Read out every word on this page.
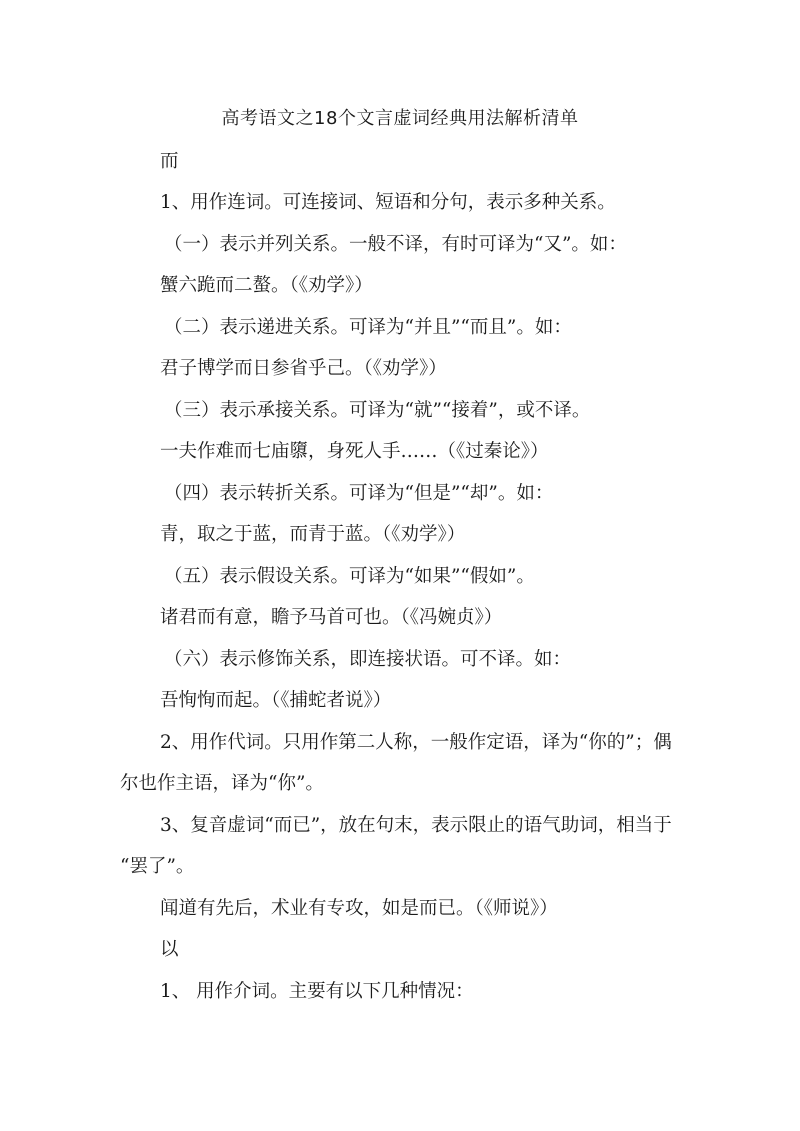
高考语文之18个文言虚词经典用法解析清单
而
1、用作连词。可连接词、短语和分句，表示多种关系。
（一）表示并列关系。一般不译，有时可译为“又”。如：
蟹六跪而二螯。（《劝学》）
（二）表示递进关系。可译为“并且”“而且”。如：
君子博学而日参省乎己。（《劝学》）
（三）表示承接关系。可译为“就”“接着”，或不译。
一夫作难而七庙隳，身死人手……（《过秦论》）
（四）表示转折关系。可译为“但是”“却”。如：
青，取之于蓝，而青于蓝。（《劝学》）
（五）表示假设关系。可译为“如果”“假如”。
诸君而有意，瞻予马首可也。（《冯婉贞》）
（六）表示修饰关系，即连接状语。可不译。如：
吾恂恂而起。（《捕蛇者说》）
2、用作代词。只用作第二人称，一般作定语，译为“你的”；偶
尔也作主语，译为“你”。
3、复音虚词“而已”，放在句末，表示限止的语气助词，相当于
“罢了”。
闻道有先后，术业有专攻，如是而已。（《师说》）
以
1、 用作介词。主要有以下几种情况：
